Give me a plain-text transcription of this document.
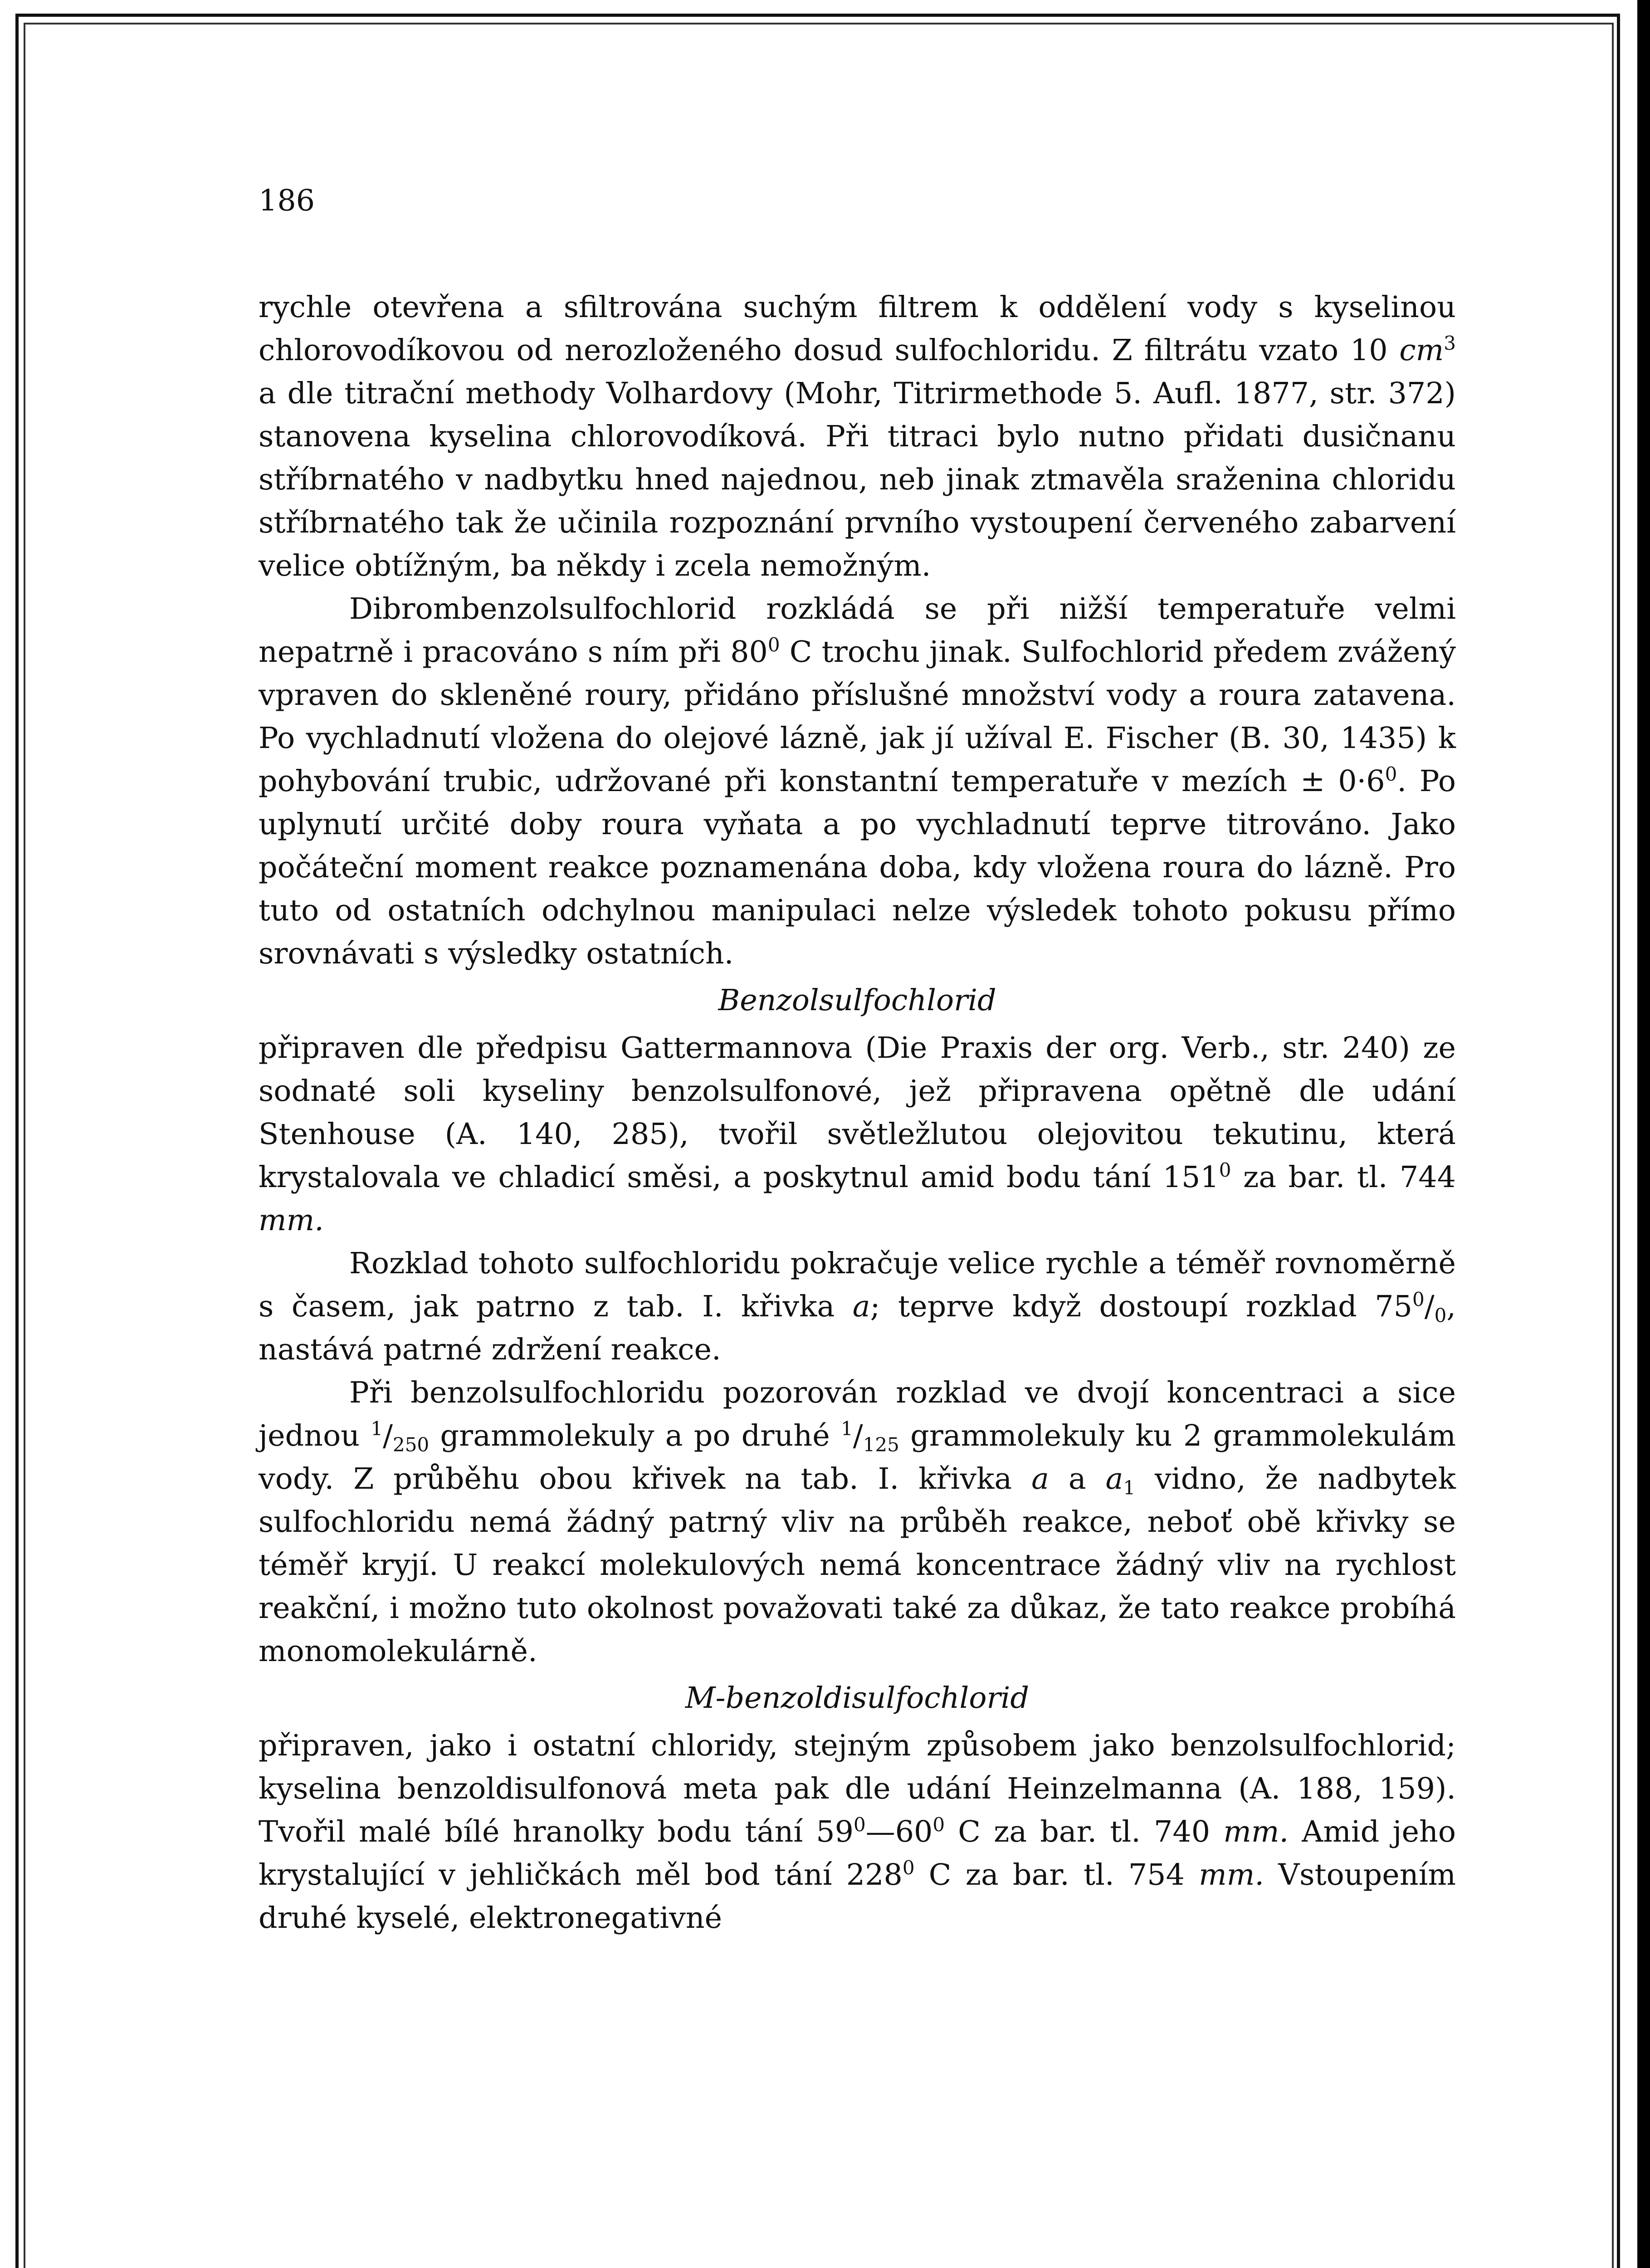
186

rychle otevřena a sfiltrována suchým filtrem k oddělení vody s kyselinou chlorovodíkovou od nerozloženého dosud sulfochloridu. Z filtrátu vzato 10 $cm^3$ a dle titrační methody Volhardovy (Mohr, Titrirmethode 5. Aufl. 1877, str. 372) stanovena kyselina chlorovodíková. Při titraci bylo nutno přidati dusičnanu stříbrnatého v nadbytku hned najednou, neb jinak ztmavěla sraženina chloridu stříbrnatého tak že učinila rozpoznání prvního vystoupení červeného zabarvení velice obtížným, ba někdy i zcela nemožným.

Dibrombenzolsulfochlorid rozkládá se při nižší temperatuře velmi nepatrně i pracováno s ním při $80^0$ C trochu jinak. Sulfochlorid předem zvážený vpraven do skleněné roury, přidáno příslušné množství vody a roura zatavena. Po vychladnutí vložena do olejové lázně, jak jí užíval E. Fischer (B. 30, 1435) k pohybování trubic, udržované při konstantní temperatuře v mezích ± $0\cdot 6^0$. Po uplynutí určité doby roura vyňata a po vychladnutí teprve titrováno. Jako počáteční moment reakce poznamenána doba, kdy vložena roura do lázně. Pro tuto od ostatních odchylnou manipulaci nelze výsledek tohoto pokusu přímo srovnávati s výsledky ostatních.

Benzolsulfochlorid

připraven dle předpisu Gattermannova (Die Praxis der org. Verb., str. 240) ze sodnaté soli kyseliny benzolsulfonové, jež připravena opětně dle udání Stenhouse (A. 140, 285), tvořil světležlutou olejovitou tekutinu, která krystalovala ve chladicí směsi, a poskytnul amid bodu tání $151^0$ za bar. tl. 744 mm.

Rozklad tohoto sulfochloridu pokračuje velice rychle a téměř rovnoměrně s časem, jak patrno z tab. I. křivka a; teprve když dostoupí rozklad $75^0/_0$, nastává patrné zdržení reakce.

Při benzolsulfochloridu pozorován rozklad ve dvojí koncentraci a sice jednou $^1/_{250}$ grammolekuly a po druhé $^1/_{125}$ grammolekuly ku 2 grammolekulám vody. Z průběhu obou křivek na tab. I. křivka a a $a_1$ vidno, že nadbytek sulfochloridu nemá žádný patrný vliv na průběh reakce, neboť obě křivky se téměř kryjí. U reakcí molekulových nemá koncentrace žádný vliv na rychlost reakční, i možno tuto okolnost považovati také za důkaz, že tato reakce probíhá monomolekulárně.

M-benzoldisulfochlorid

připraven, jako i ostatní chloridy, stejným způsobem jako benzolsulfochlorid; kyselina benzoldisulfonová meta pak dle udání Heinzelmanna (A. 188, 159). Tvořil malé bílé hranolky bodu tání $59^0—60^0$ C za bar. tl. 740 mm. Amid jeho krystalující v jehličkách měl bod tání $228^0$ C za bar. tl. 754 mm. Vstoupením druhé kyselé, elektronegativné
